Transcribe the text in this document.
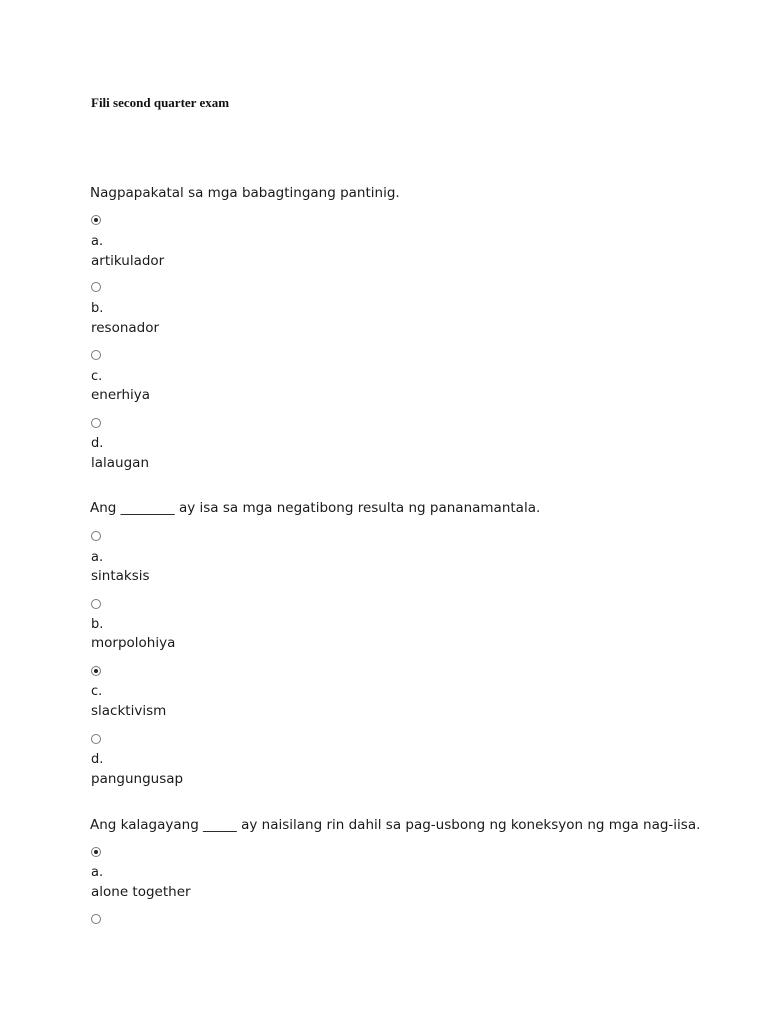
Fili second quarter exam
Nagpapakatal sa mga babagtingang pantinig.
a.
artikulador
b.
resonador
c.
enerhiya
d.
lalaugan
Ang ________ ay isa sa mga negatibong resulta ng pananamantala.
a.
sintaksis
b.
morpolohiya
c.
slacktivism
d.
pangungusap
Ang kalagayang _____ ay naisilang rin dahil sa pag-usbong ng koneksyon ng mga nag-iisa.
a.
alone together
